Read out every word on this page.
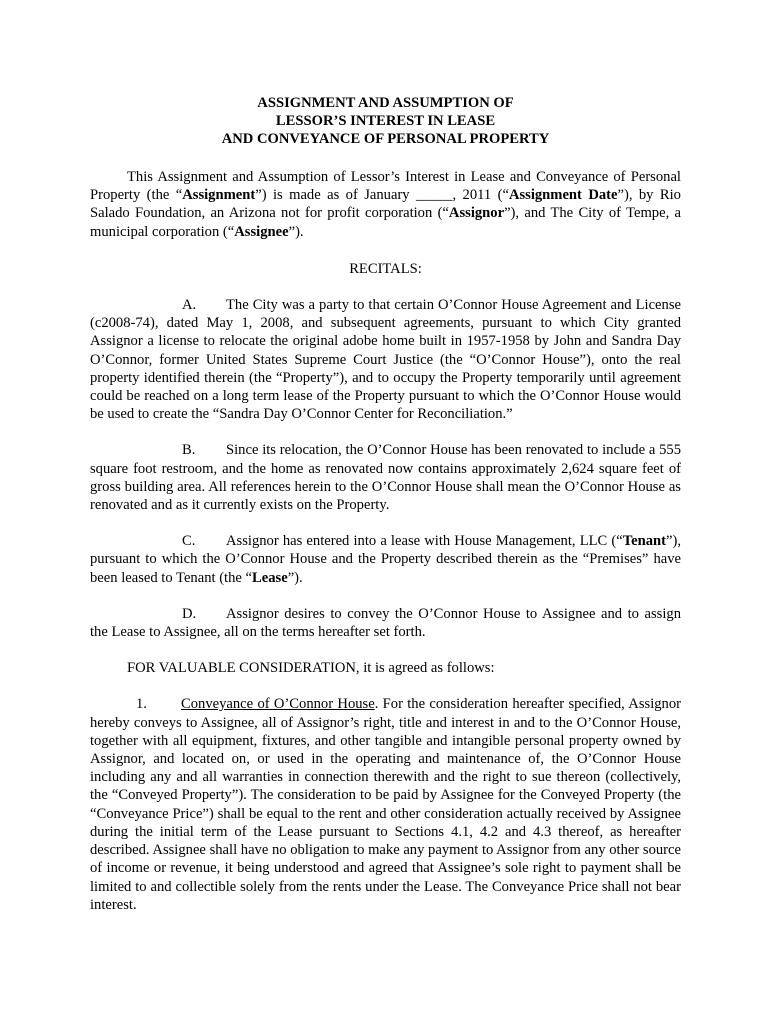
ASSIGNMENT AND ASSUMPTION OF
LESSOR’S INTEREST IN LEASE
AND CONVEYANCE OF PERSONAL PROPERTY

This Assignment and Assumption of Lessor’s Interest in Lease and Conveyance of Personal Property (the “Assignment”) is made as of January _____, 2011 (“Assignment Date”), by Rio Salado Foundation, an Arizona not for profit corporation (“Assignor”), and The City of Tempe, a municipal corporation (“Assignee”).

RECITALS:

A. The City was a party to that certain O’Connor House Agreement and License (c2008-74), dated May 1, 2008, and subsequent agreements, pursuant to which City granted Assignor a license to relocate the original adobe home built in 1957-1958 by John and Sandra Day O’Connor, former United States Supreme Court Justice (the “O’Connor House”), onto the real property identified therein (the “Property”), and to occupy the Property temporarily until agreement could be reached on a long term lease of the Property pursuant to which the O’Connor House would be used to create the “Sandra Day O’Connor Center for Reconciliation.”

B. Since its relocation, the O’Connor House has been renovated to include a 555 square foot restroom, and the home as renovated now contains approximately 2,624 square feet of gross building area. All references herein to the O’Connor House shall mean the O’Connor House as renovated and as it currently exists on the Property.

C. Assignor has entered into a lease with House Management, LLC (“Tenant”), pursuant to which the O’Connor House and the Property described therein as the “Premises” have been leased to Tenant (the “Lease”).

D. Assignor desires to convey the O’Connor House to Assignee and to assign the Lease to Assignee, all on the terms hereafter set forth.

FOR VALUABLE CONSIDERATION, it is agreed as follows:

1. Conveyance of O’Connor House. For the consideration hereafter specified, Assignor hereby conveys to Assignee, all of Assignor’s right, title and interest in and to the O’Connor House, together with all equipment, fixtures, and other tangible and intangible personal property owned by Assignor, and located on, or used in the operating and maintenance of, the O’Connor House including any and all warranties in connection therewith and the right to sue thereon (collectively, the “Conveyed Property”). The consideration to be paid by Assignee for the Conveyed Property (the “Conveyance Price”) shall be equal to the rent and other consideration actually received by Assignee during the initial term of the Lease pursuant to Sections 4.1, 4.2 and 4.3 thereof, as hereafter described. Assignee shall have no obligation to make any payment to Assignor from any other source of income or revenue, it being understood and agreed that Assignee’s sole right to payment shall be limited to and collectible solely from the rents under the Lease. The Conveyance Price shall not bear interest.
